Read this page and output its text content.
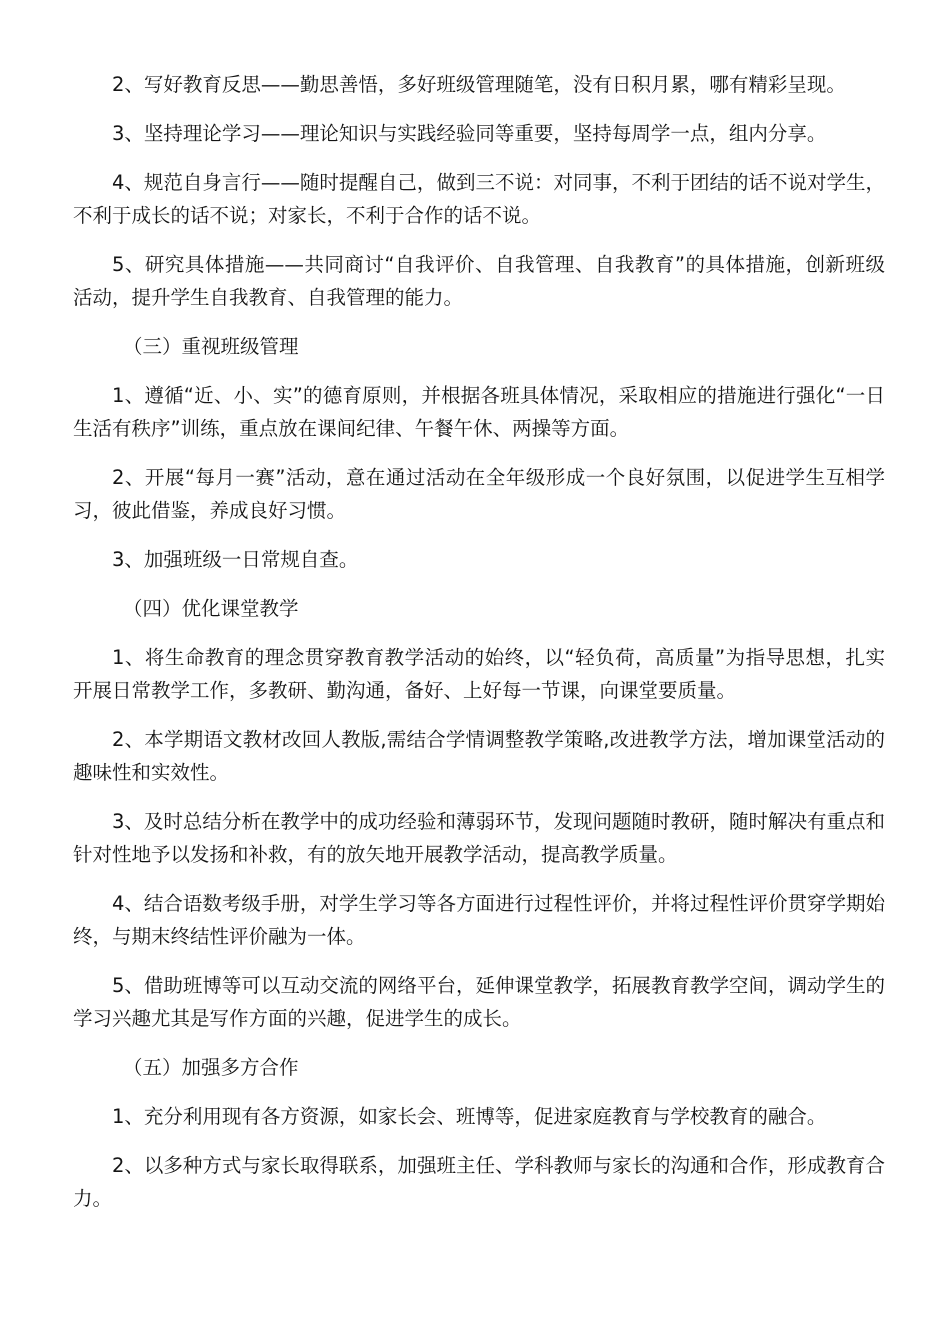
2、写好教育反思——勤思善悟，多好班级管理随笔，没有日积月累，哪有精彩呈现。

3、坚持理论学习——理论知识与实践经验同等重要，坚持每周学一点，组内分享。

4、规范自身言行——随时提醒自己，做到三不说：对同事，不利于团结的话不说对学生，不利于成长的话不说；对家长，不利于合作的话不说。

5、研究具体措施——共同商讨“自我评价、自我管理、自我教育”的具体措施，创新班级活动，提升学生自我教育、自我管理的能力。

（三）重视班级管理

1、遵循“近、小、实”的德育原则，并根据各班具体情况，采取相应的措施进行强化“一日生活有秩序”训练，重点放在课间纪律、午餐午休、两操等方面。

2、开展“每月一赛”活动，意在通过活动在全年级形成一个良好氛围，以促进学生互相学习，彼此借鉴，养成良好习惯。

3、加强班级一日常规自查。

（四）优化课堂教学

1、将生命教育的理念贯穿教育教学活动的始终，以“轻负荷，高质量”为指导思想，扎实开展日常教学工作，多教研、勤沟通，备好、上好每一节课，向课堂要质量。

2、本学期语文教材改回人教版,需结合学情调整教学策略,改进教学方法，增加课堂活动的趣味性和实效性。

3、及时总结分析在教学中的成功经验和薄弱环节，发现问题随时教研，随时解决有重点和针对性地予以发扬和补救，有的放矢地开展教学活动，提高教学质量。

4、结合语数考级手册，对学生学习等各方面进行过程性评价，并将过程性评价贯穿学期始终，与期末终结性评价融为一体。

5、借助班博等可以互动交流的网络平台，延伸课堂教学，拓展教育教学空间，调动学生的学习兴趣尤其是写作方面的兴趣，促进学生的成长。

（五）加强多方合作

1、充分利用现有各方资源，如家长会、班博等，促进家庭教育与学校教育的融合。

2、以多种方式与家长取得联系，加强班主任、学科教师与家长的沟通和合作，形成教育合力。
